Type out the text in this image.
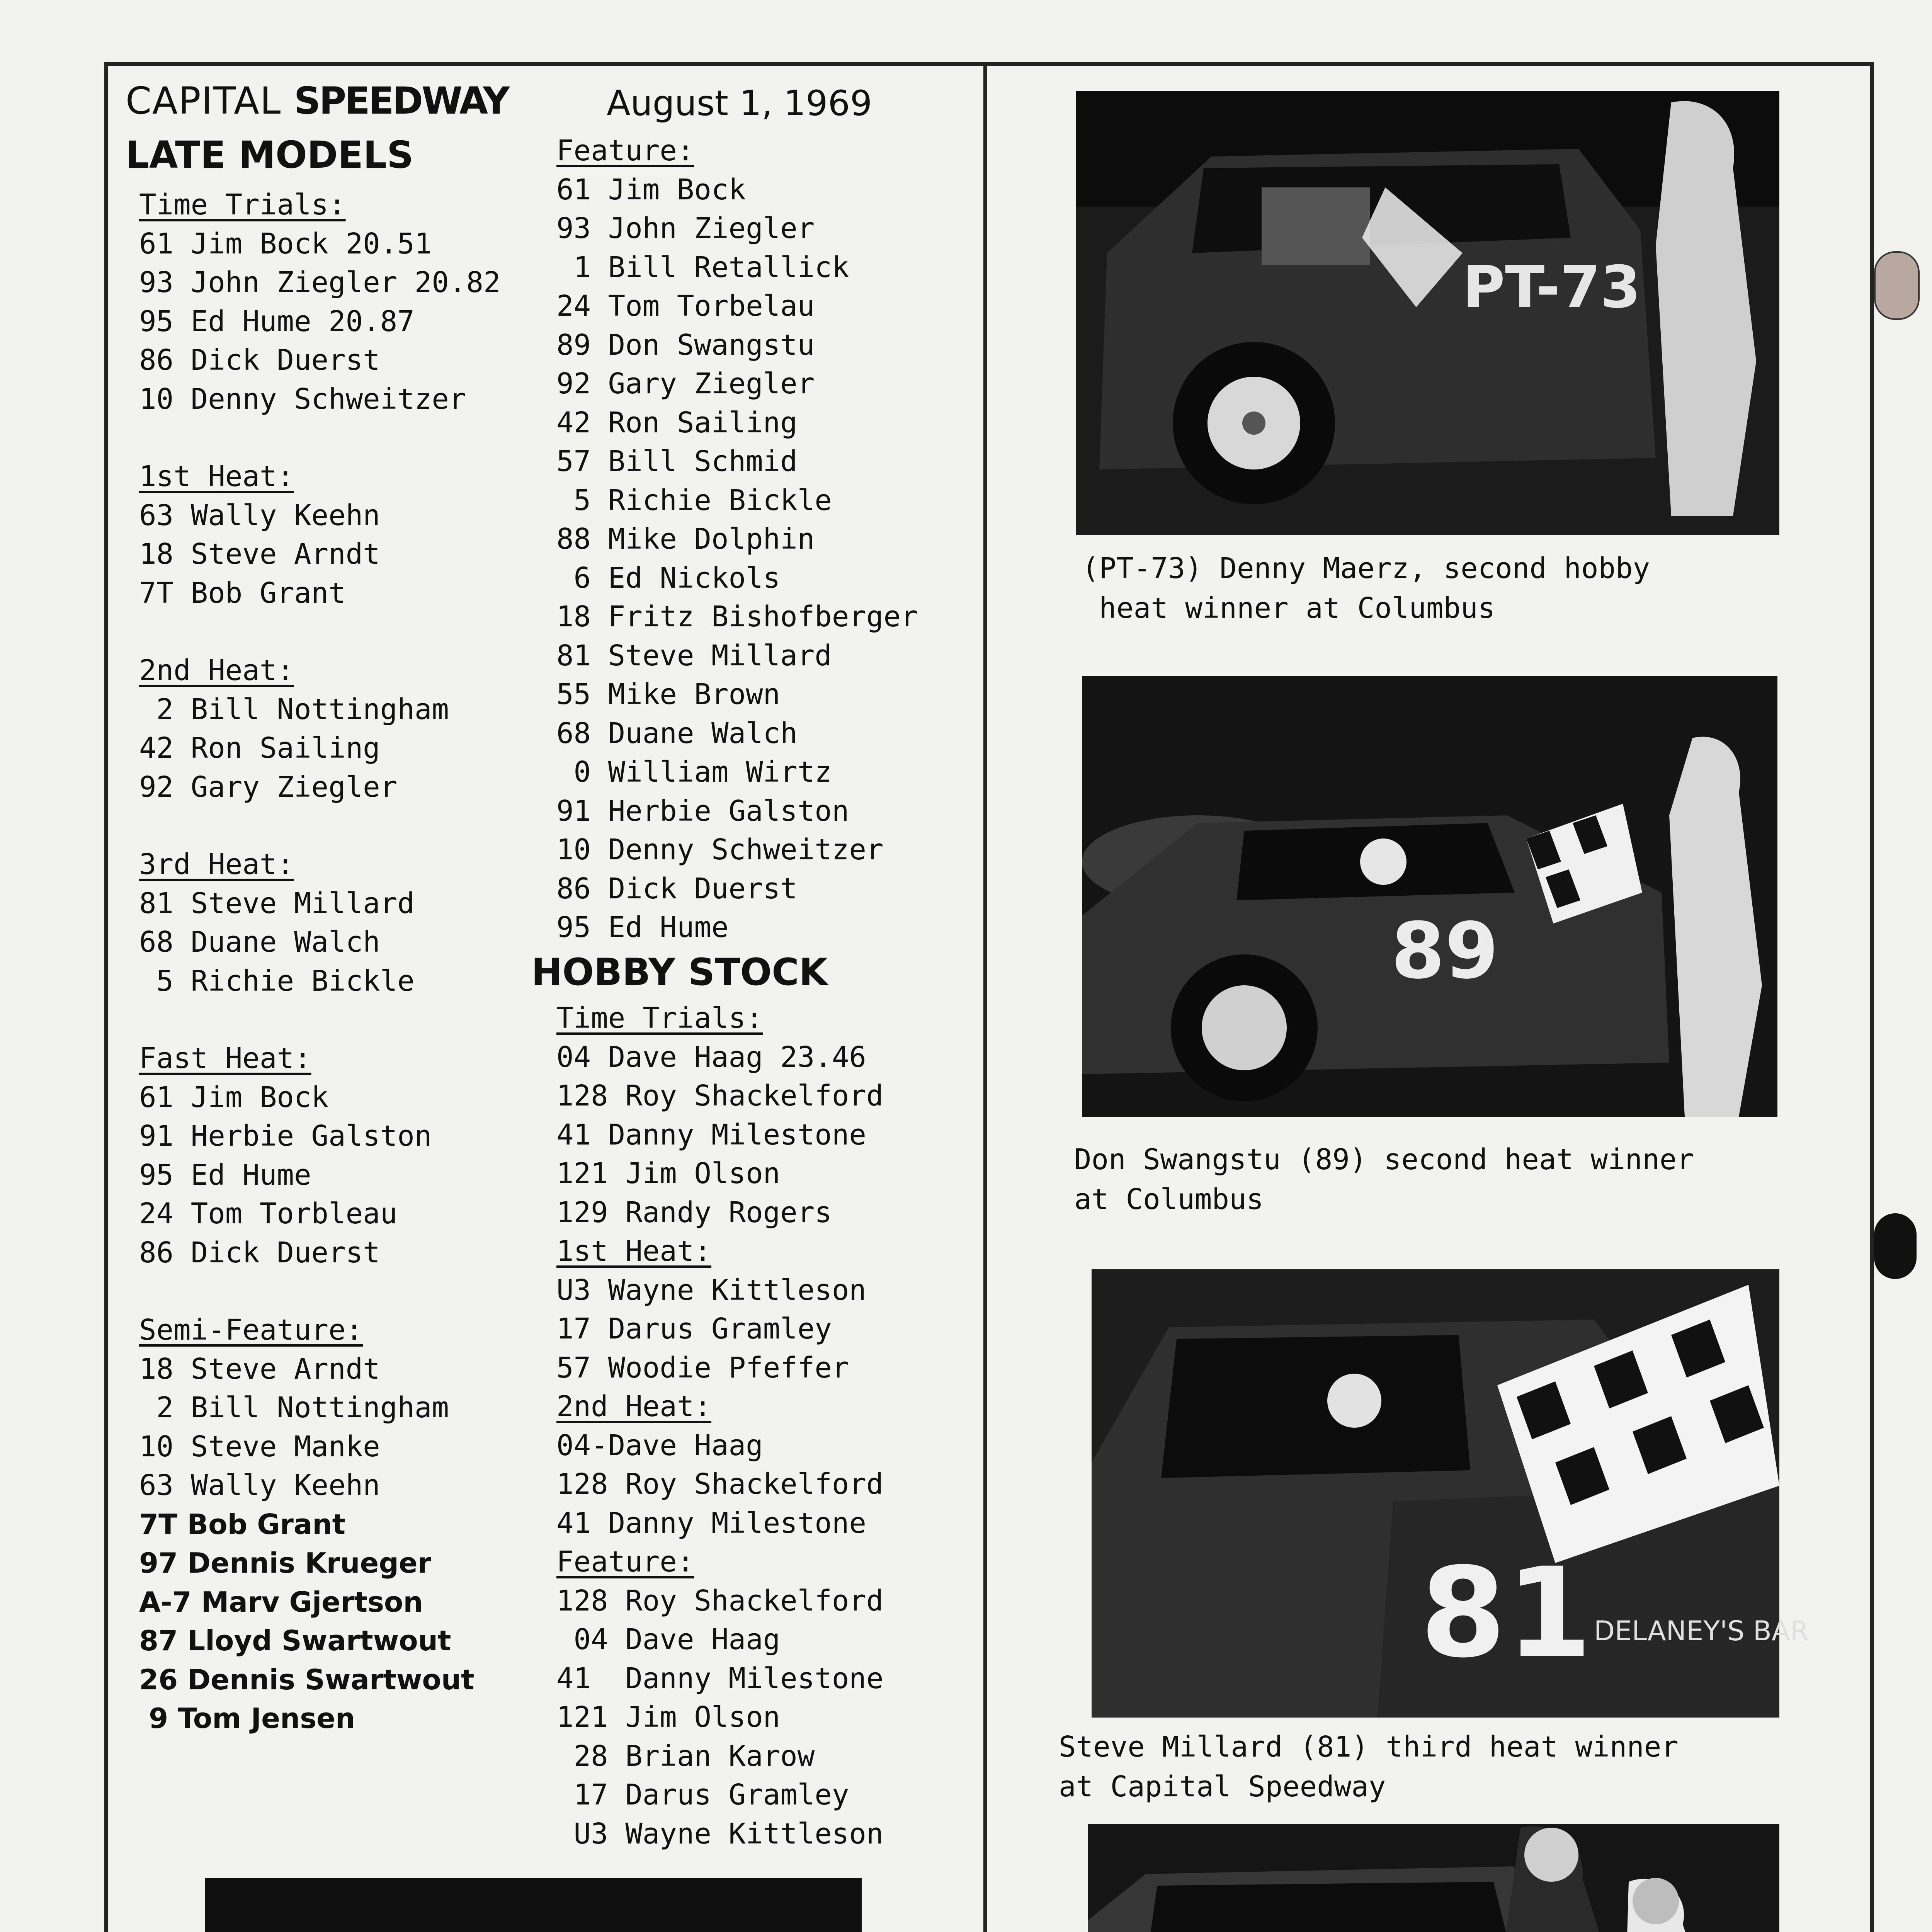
CAPITAL SPEEDWAY	August 1, 1969
LATE MODELS
Time Trials:
61 Jim Bock 20.51
93 John Ziegler 20.82
95 Ed Hume 20.87
86 Dick Duerst
10 Denny Schweitzer
1st Heat:
63 Wally Keehn
18 Steve Arndt
7T Bob Grant
2nd Heat:
2 Bill Nottingham
42 Ron Sailing
92 Gary Ziegler
3rd Heat:
81 Steve Millard
68 Duane Walch
5 Richie Bickle
Fast Heat:
61 Jim Bock
91 Herbie Galston
95 Ed Hume
24 Tom Torbleau
86 Dick Duerst
Semi-Feature:
18 Steve Arndt
2 Bill Nottingham
10 Steve Manke
63 Wally Keehn
7T Bob Grant
97 Dennis Krueger
A-7 Marv Gjertson
87 Lloyd Swartwout
26 Dennis Swartwout
9 Tom Jensen
Feature:
61 Jim Bock
93 John Ziegler
1 Bill Retallick
24 Tom Torbelau
89 Don Swangstu
92 Gary Ziegler
42 Ron Sailing
57 Bill Schmid
5 Richie Bickle
88 Mike Dolphin
6 Ed Nickols
18 Fritz Bishofberger
81 Steve Millard
55 Mike Brown
68 Duane Walch
0 William Wirtz
91 Herbie Galston
10 Denny Schweitzer
86 Dick Duerst
95 Ed Hume
HOBBY STOCK
Time Trials:
04 Dave Haag 23.46
128 Roy Shackelford
41 Danny Milestone
121 Jim Olson
129 Randy Rogers
1st Heat:
U3 Wayne Kittleson
17 Darus Gramley
57 Woodie Pfeffer
2nd Heat:
04-Dave Haag
128 Roy Shackelford
41 Danny Milestone
Feature:
128 Roy Shackelford
04 Dave Haag
41  Danny Milestone
121 Jim Olson
28 Brian Karow
17 Darus Gramley
U3 Wayne Kittleson
PT-73
(PT-73) Denny Maerz, second hobby
heat winner at Columbus
89
Don Swangstu (89) second heat winner
at Columbus
81 DELANEY'S BAR
Steve Millard (81) third heat winner
at Capital Speedway
